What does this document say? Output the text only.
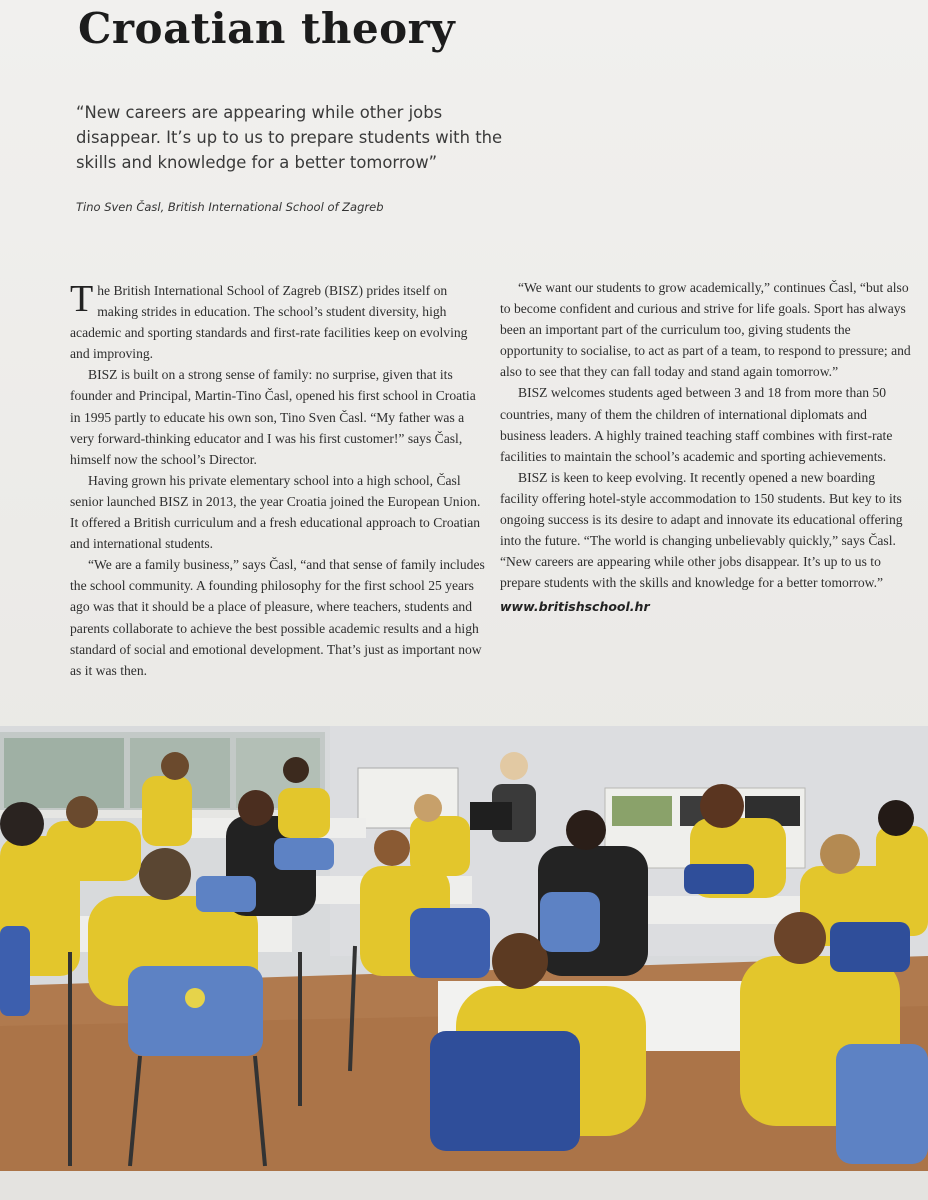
Croatian theory

“New careers are appearing while other jobs disappear. It’s up to us to prepare students with the skills and knowledge for a better tomorrow”

Tino Sven Časl, British International School of Zagreb

The British International School of Zagreb (BISZ) prides itself on making strides in education. The school’s student diversity, high academic and sporting standards and first-rate facilities keep on evolving and improving.

BISZ is built on a strong sense of family: no surprise, given that its founder and Principal, Martin-Tino Časl, opened his first school in Croatia in 1995 partly to educate his own son, Tino Sven Časl. “My father was a very forward-thinking educator and I was his first customer!” says Časl, himself now the school’s Director.

Having grown his private elementary school into a high school, Časl senior launched BISZ in 2013, the year Croatia joined the European Union. It offered a British curriculum and a fresh educational approach to Croatian and international students.

“We are a family business,” says Časl, “and that sense of family includes the school community. A founding philosophy for the first school 25 years ago was that it should be a place of pleasure, where teachers, students and parents collaborate to achieve the best possible academic results and a high standard of social and emotional development. That’s just as important now as it was then.

“We want our students to grow academically,” continues Časl, “but also to become confident and curious and strive for life goals. Sport has always been an important part of the curriculum too, giving students the opportunity to socialise, to act as part of a team, to respond to pressure; and also to see that they can fall today and stand again tomorrow.”

BISZ welcomes students aged between 3 and 18 from more than 50 countries, many of them the children of international diplomats and business leaders. A highly trained teaching staff combines with first-rate facilities to maintain the school’s academic and sporting achievements.

BISZ is keen to keep evolving. It recently opened a new boarding facility offering hotel-style accommodation to 150 students. But key to its ongoing success is its desire to adapt and innovate its educational offering into the future. “The world is changing unbelievably quickly,” says Časl. “New careers are appearing while other jobs disappear. It’s up to us to prepare students with the skills and knowledge for a better tomorrow.”

www.britishschool.hr
